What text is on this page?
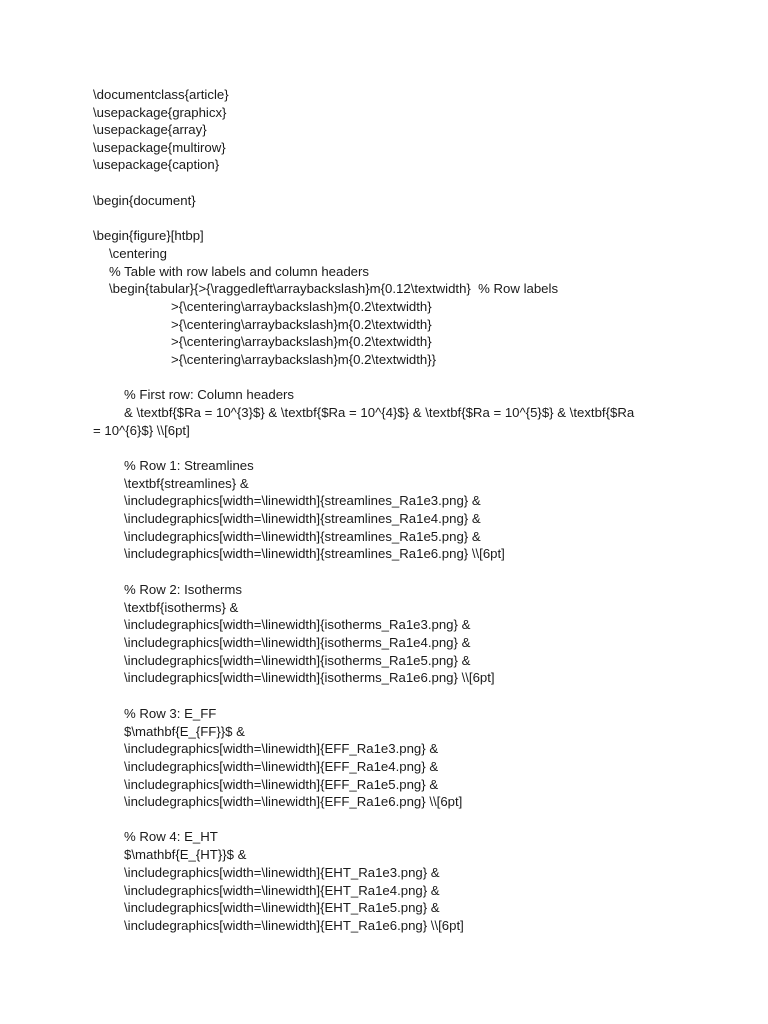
\documentclass{article}
\usepackage{graphicx}
\usepackage{array}
\usepackage{multirow}
\usepackage{caption}
\begin{document}
\begin{figure}[htbp]
\centering
% Table with row labels and column headers
\begin{tabular}{>{\raggedleft\arraybackslash}m{0.12\textwidth}  % Row labels
>{\centering\arraybackslash}m{0.2\textwidth}
>{\centering\arraybackslash}m{0.2\textwidth}
>{\centering\arraybackslash}m{0.2\textwidth}
>{\centering\arraybackslash}m{0.2\textwidth}}
% First row: Column headers
& \textbf{$Ra = 10^{3}$} & \textbf{$Ra = 10^{4}$} & \textbf{$Ra = 10^{5}$} & \textbf{$Ra
= 10^{6}$} \\[6pt]
% Row 1: Streamlines
\textbf{streamlines} &
\includegraphics[width=\linewidth]{streamlines_Ra1e3.png} &
\includegraphics[width=\linewidth]{streamlines_Ra1e4.png} &
\includegraphics[width=\linewidth]{streamlines_Ra1e5.png} &
\includegraphics[width=\linewidth]{streamlines_Ra1e6.png} \\[6pt]
% Row 2: Isotherms
\textbf{isotherms} &
\includegraphics[width=\linewidth]{isotherms_Ra1e3.png} &
\includegraphics[width=\linewidth]{isotherms_Ra1e4.png} &
\includegraphics[width=\linewidth]{isotherms_Ra1e5.png} &
\includegraphics[width=\linewidth]{isotherms_Ra1e6.png} \\[6pt]
% Row 3: E_FF
$\mathbf{E_{FF}}$ &
\includegraphics[width=\linewidth]{EFF_Ra1e3.png} &
\includegraphics[width=\linewidth]{EFF_Ra1e4.png} &
\includegraphics[width=\linewidth]{EFF_Ra1e5.png} &
\includegraphics[width=\linewidth]{EFF_Ra1e6.png} \\[6pt]
% Row 4: E_HT
$\mathbf{E_{HT}}$ &
\includegraphics[width=\linewidth]{EHT_Ra1e3.png} &
\includegraphics[width=\linewidth]{EHT_Ra1e4.png} &
\includegraphics[width=\linewidth]{EHT_Ra1e5.png} &
\includegraphics[width=\linewidth]{EHT_Ra1e6.png} \\[6pt]
